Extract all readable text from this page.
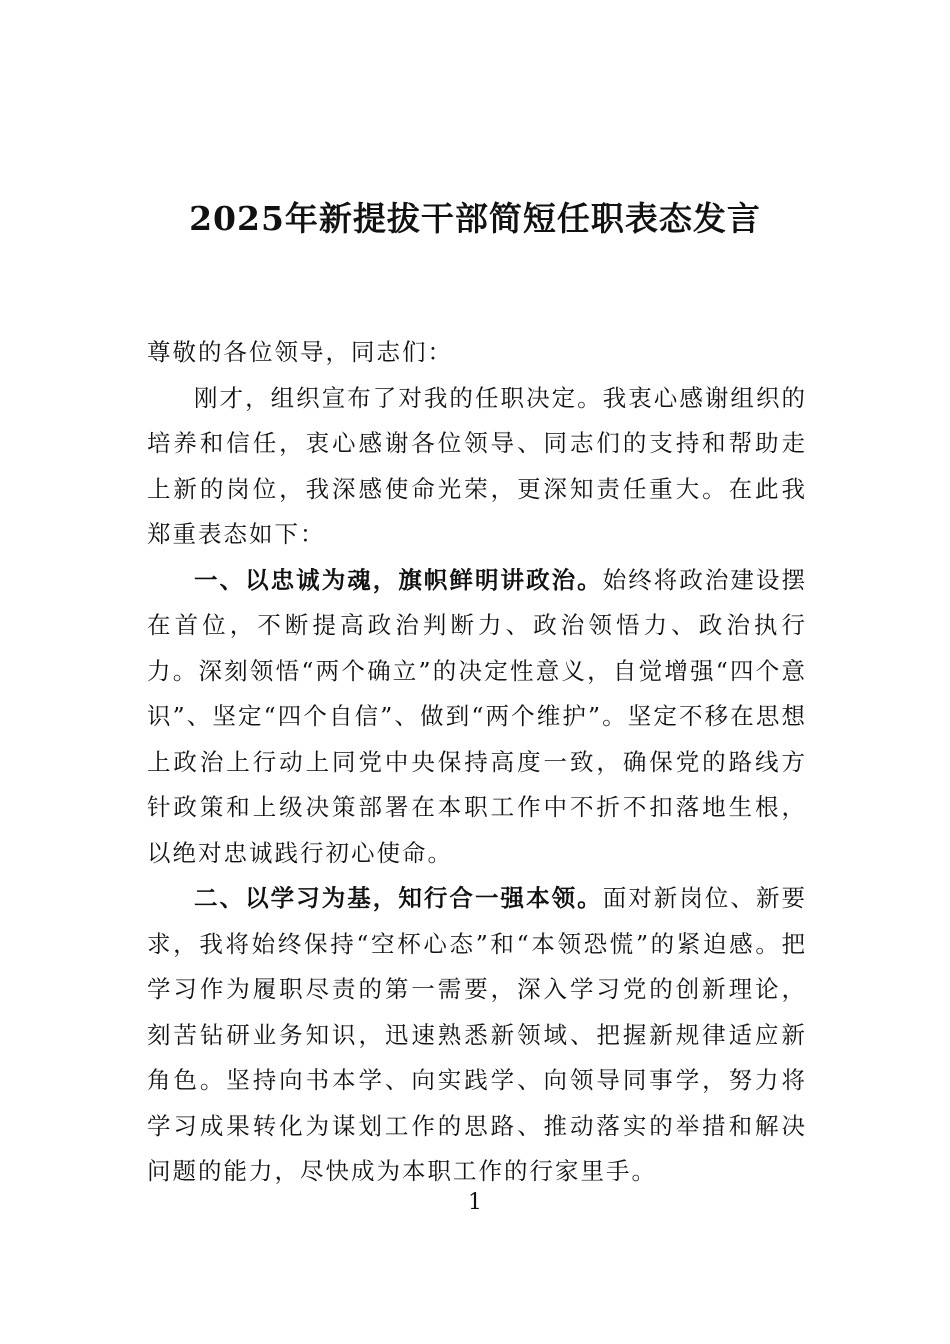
2025年新提拔干部简短任职表态发言

尊敬的各位领导，同志们：

刚才，组织宣布了对我的任职决定。我衷心感谢组织的培养和信任，衷心感谢各位领导、同志们的支持和帮助走上新的岗位，我深感使命光荣，更深知责任重大。在此我郑重表态如下：

一、以忠诚为魂，旗帜鲜明讲政治。始终将政治建设摆在首位，不断提高政治判断力、政治领悟力、政治执行力。深刻领悟“两个确立”的决定性意义，自觉增强“四个意识”、坚定“四个自信”、做到“两个维护”。坚定不移在思想上政治上行动上同党中央保持高度一致，确保党的路线方针政策和上级决策部署在本职工作中不折不扣落地生根，以绝对忠诚践行初心使命。

二、以学习为基，知行合一强本领。面对新岗位、新要求，我将始终保持“空杯心态”和“本领恐慌”的紧迫感。把学习作为履职尽责的第一需要，深入学习党的创新理论，刻苦钻研业务知识，迅速熟悉新领域、把握新规律适应新角色。坚持向书本学、向实践学、向领导同事学，努力将学习成果转化为谋划工作的思路、推动落实的举措和解决问题的能力，尽快成为本职工作的行家里手。

1
